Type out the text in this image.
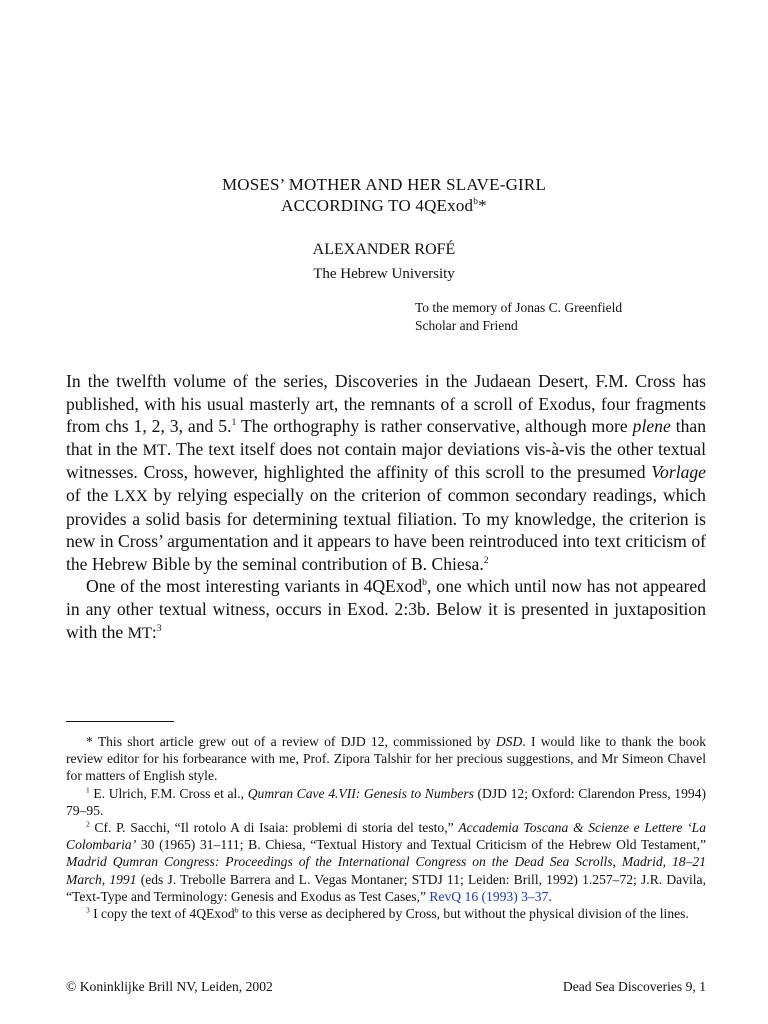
MOSES’ MOTHER AND HER SLAVE-GIRL
ACCORDING TO 4QExod$^b$*
ALEXANDER ROFÉ
The Hebrew University
To the memory of Jonas C. Greenfield
Scholar and Friend

In the twelfth volume of the series, Discoveries in the Judaean Desert, F.M. Cross has published, with his usual masterly art, the remnants of a scroll of Exodus, four fragments from chs 1, 2, 3, and 5.$^1$ The orthography is rather conservative, although more plene than that in the MT. The text itself does not contain major deviations vis-à-vis the other textual witnesses. Cross, however, highlighted the affinity of this scroll to the presumed Vorlage of the LXX by relying especially on the criterion of common secondary readings, which provides a solid basis for determining textual filiation. To my knowledge, the criterion is new in Cross’ argumentation and it appears to have been reintroduced into text criticism of the Hebrew Bible by the seminal contribution of B. Chiesa.$^2$

One of the most interesting variants in 4QExod$^b$, one which until now has not appeared in any other textual witness, occurs in Exod. 2:3b. Below it is presented in juxtaposition with the MT:$^3$

* This short article grew out of a review of DJD 12, commissioned by DSD. I would like to thank the book review editor for his forbearance with me, Prof. Zipora Talshir for her precious suggestions, and Mr Simeon Chavel for matters of English style.

$^1$ E. Ulrich, F.M. Cross et al., Qumran Cave 4.VII: Genesis to Numbers (DJD 12; Oxford: Clarendon Press, 1994) 79–95.

$^2$ Cf. P. Sacchi, “Il rotolo A di Isaia: problemi di storia del testo,” Accademia Toscana & Scienze e Lettere ‘La Colombaria’ 30 (1965) 31–111; B. Chiesa, “Textual History and Textual Criticism of the Hebrew Old Testament,” Madrid Qumran Congress: Proceedings of the International Congress on the Dead Sea Scrolls, Madrid, 18–21 March, 1991 (eds J. Trebolle Barrera and L. Vegas Montaner; STDJ 11; Leiden: Brill, 1992) 1.257–72; J.R. Davila, “Text-Type and Terminology: Genesis and Exodus as Test Cases,” RevQ 16 (1993) 3–37.

$^3$ I copy the text of 4QExod$^b$ to this verse as deciphered by Cross, but without the physical division of the lines.

© Koninklijke Brill NV, Leiden, 2002	Dead Sea Discoveries 9, 1
